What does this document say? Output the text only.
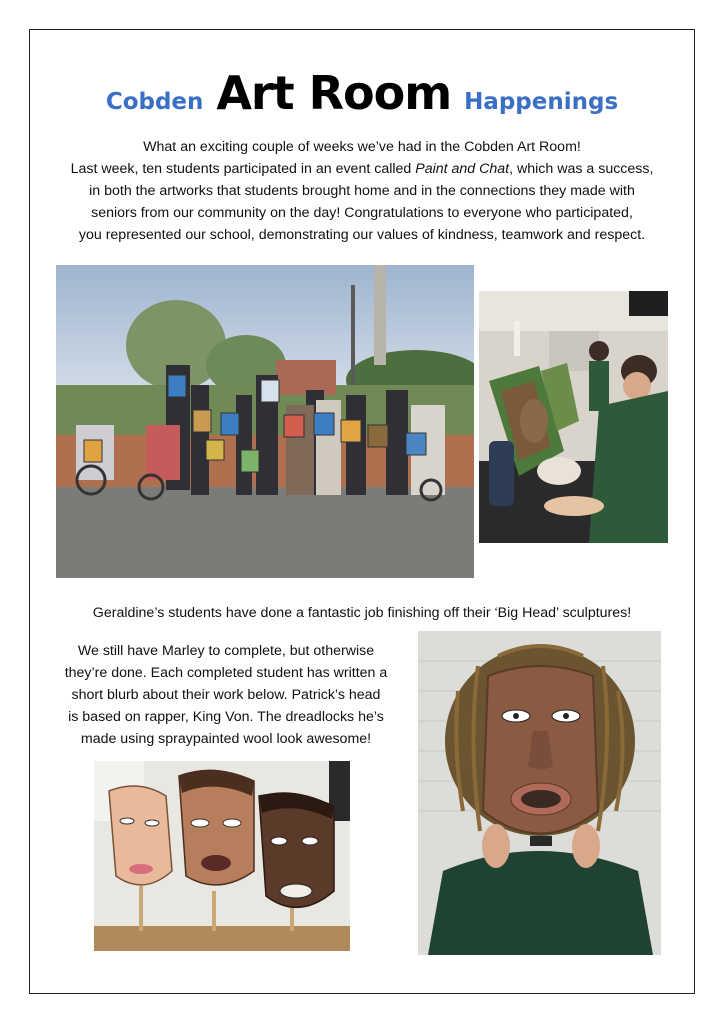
Cobden Art Room Happenings
What an exciting couple of weeks we’ve had in the Cobden Art Room!
Last week, ten students participated in an event called Paint and Chat, which was a success,
in both the artworks that students brought home and in the connections they made with
seniors from our community on the day! Congratulations to everyone who participated,
you represented our school, demonstrating our values of kindness, teamwork and respect.
Geraldine’s students have done a fantastic job finishing off their ‘Big Head’ sculptures!
We still have Marley to complete, but otherwise
they’re done. Each completed student has written a
short blurb about their work below. Patrick’s head
is based on rapper, King Von. The dreadlocks he’s
made using spraypainted wool look awesome!
